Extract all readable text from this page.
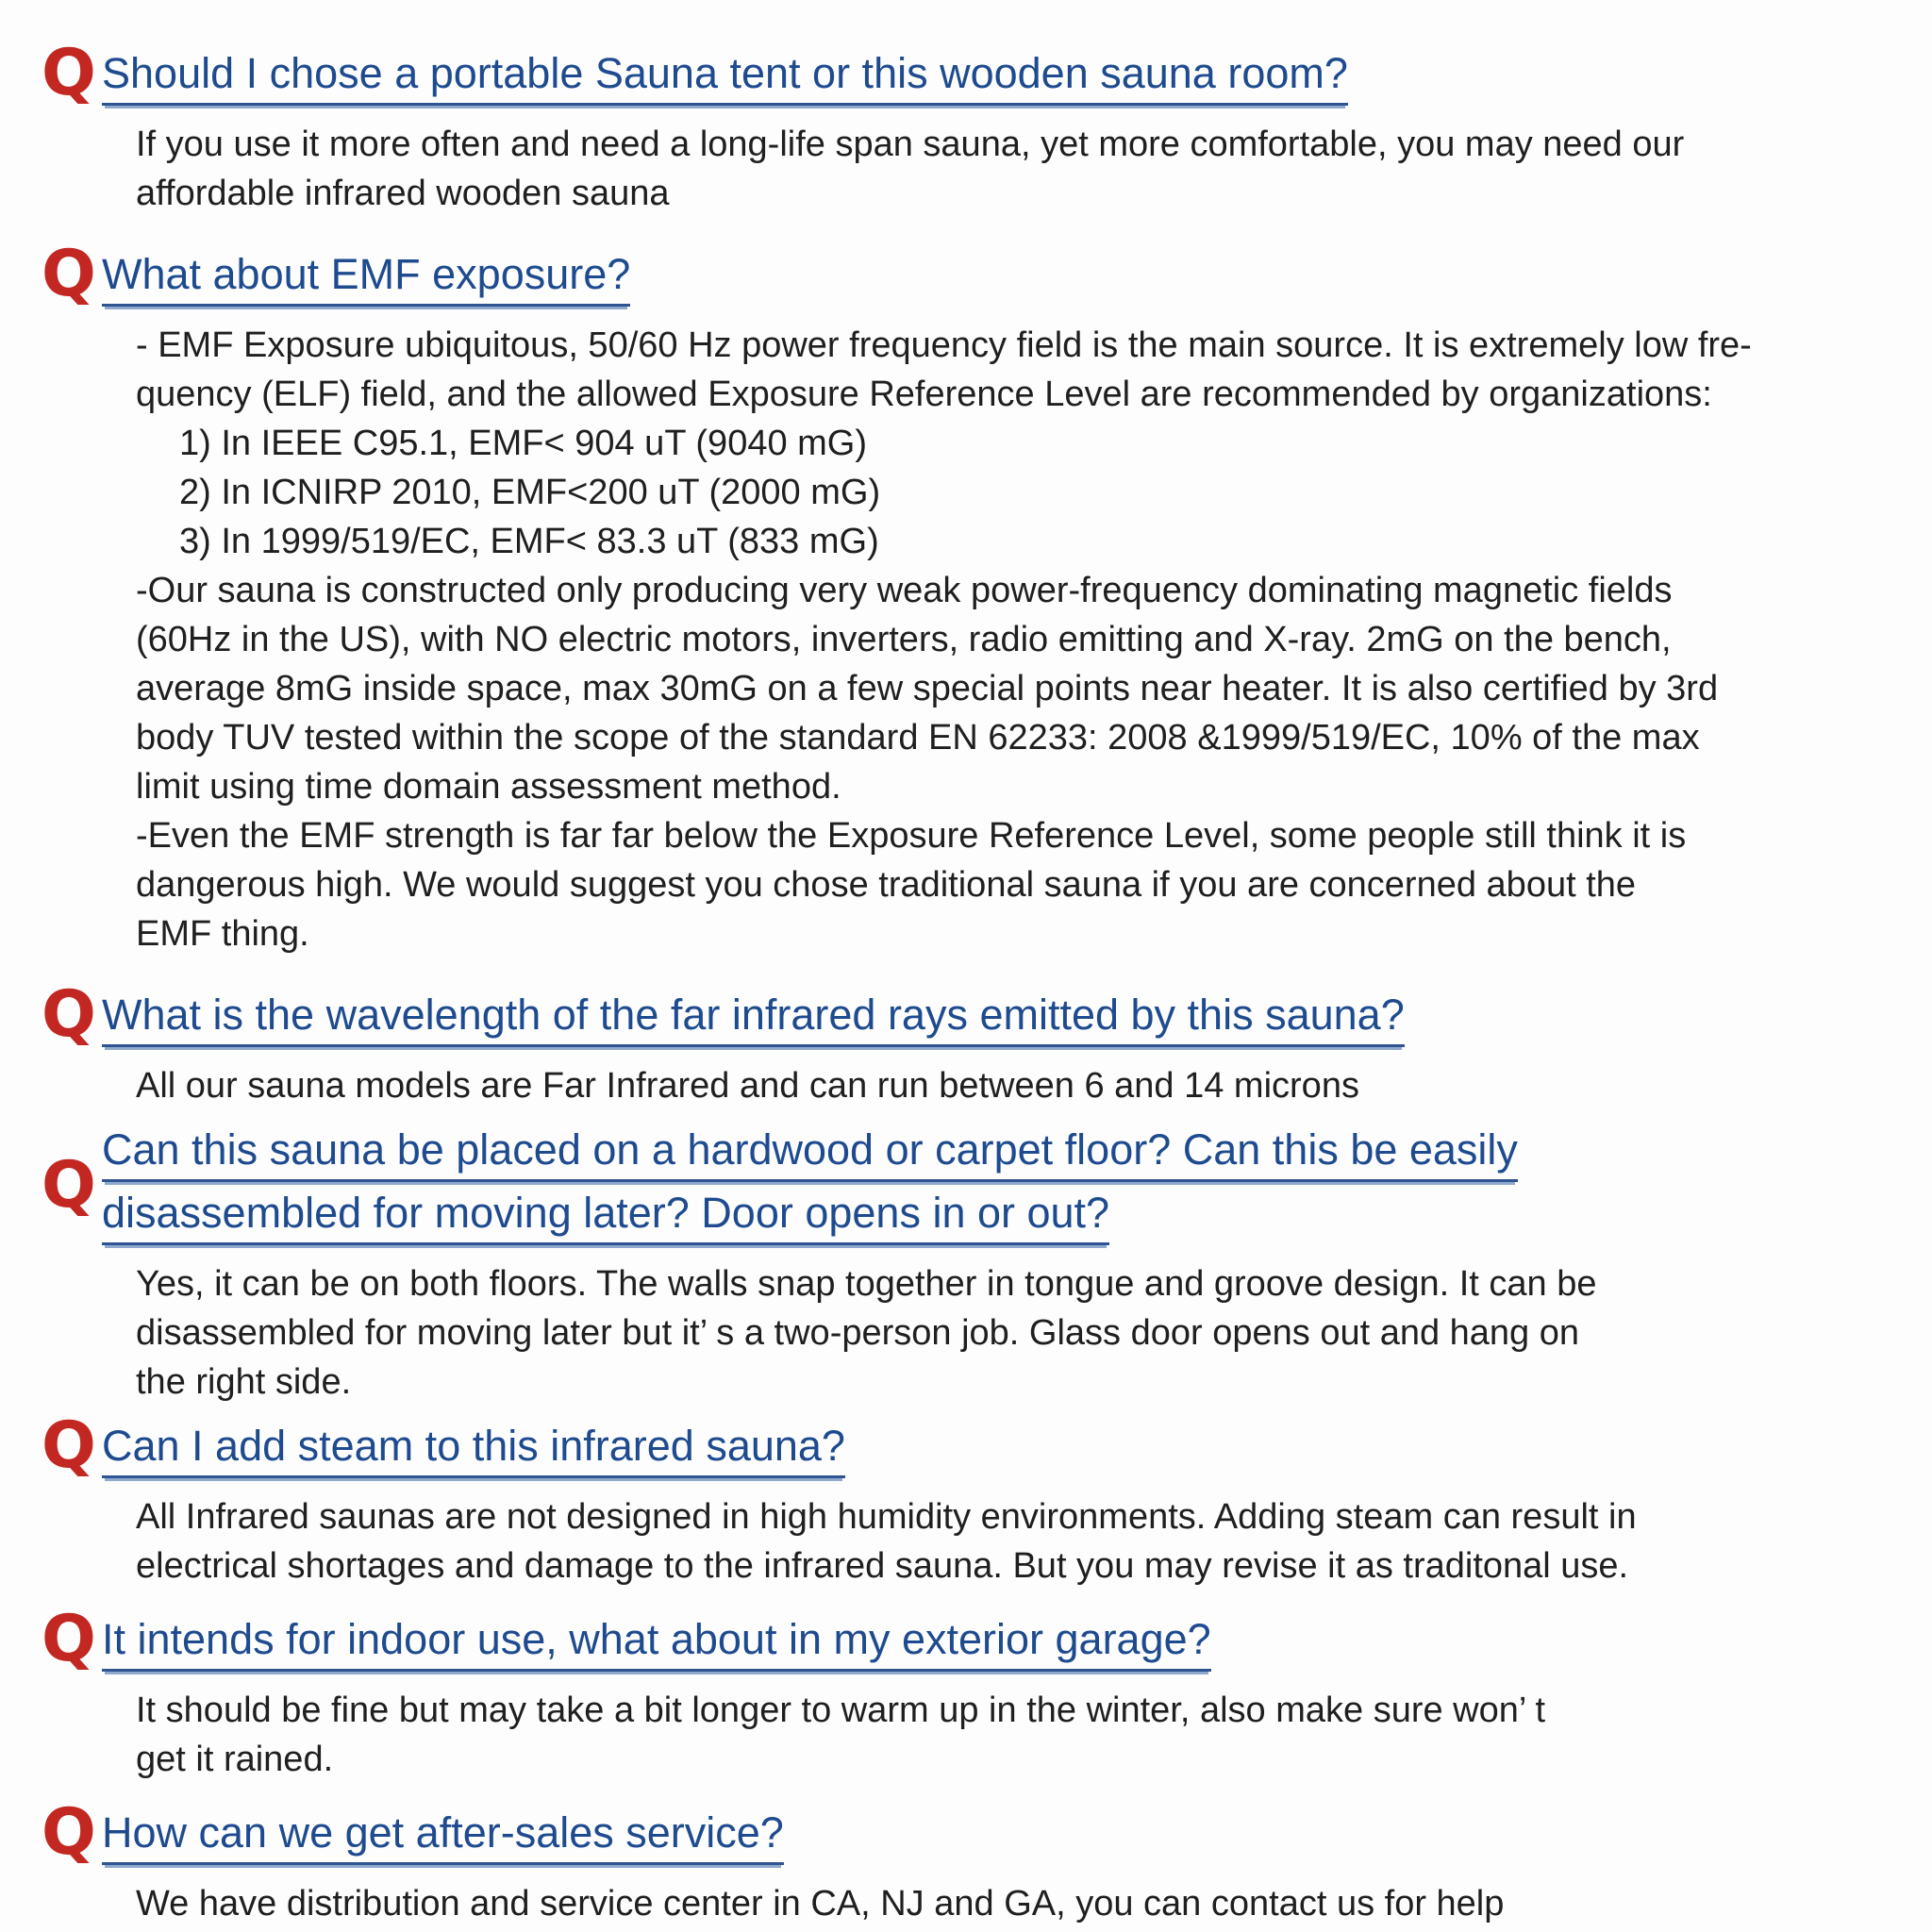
Q Should I chose a portable Sauna tent or this wooden sauna room?

If you use it more often and need a long-life span sauna, yet more comfortable, you may need our
affordable infrared wooden sauna
Q What about EMF exposure?

- EMF Exposure ubiquitous, 50/60 Hz power frequency field is the main source. It is extremely low fre-
quency (ELF) field, and the allowed Exposure Reference Level are recommended by organizations:
1) In IEEE C95.1, EMF< 904 uT (9040 mG)
2) In ICNIRP 2010, EMF<200 uT (2000 mG)
3) In 1999/519/EC, EMF< 83.3 uT (833 mG)
-Our sauna is constructed only producing very weak power-frequency dominating magnetic fields
(60Hz in the US), with NO electric motors, inverters, radio emitting and X-ray. 2mG on the bench,
average 8mG inside space, max 30mG on a few special points near heater. It is also certified by 3rd
body TUV tested within the scope of the standard EN 62233: 2008 &1999/519/EC, 10% of the max
limit using time domain assessment method.
-Even the EMF strength is far far below the Exposure Reference Level, some people still think it is
dangerous high. We would suggest you chose traditional sauna if you are concerned about the
EMF thing.
Q What is the wavelength of the far infrared rays emitted by this sauna?

All our sauna models are Far Infrared and can run between 6 and 14 microns
Q Can this sauna be placed on a hardwood or carpet floor? Can this be easily
disassembled for moving later? Door opens in or out?

Yes, it can be on both floors. The walls snap together in tongue and groove design. It can be
disassembled for moving later but it’ s a two-person job. Glass door opens out and hang on
the right side.
Q Can I add steam to this infrared sauna?

All Infrared saunas are not designed in high humidity environments. Adding steam can result in
electrical shortages and damage to the infrared sauna. But you may revise it as traditonal use.
Q It intends for indoor use, what about in my exterior garage?

It should be fine but may take a bit longer to warm up in the winter, also make sure won’ t
get it rained.
Q How can we get after-sales service?

We have distribution and service center in CA, NJ and GA, you can contact us for help
